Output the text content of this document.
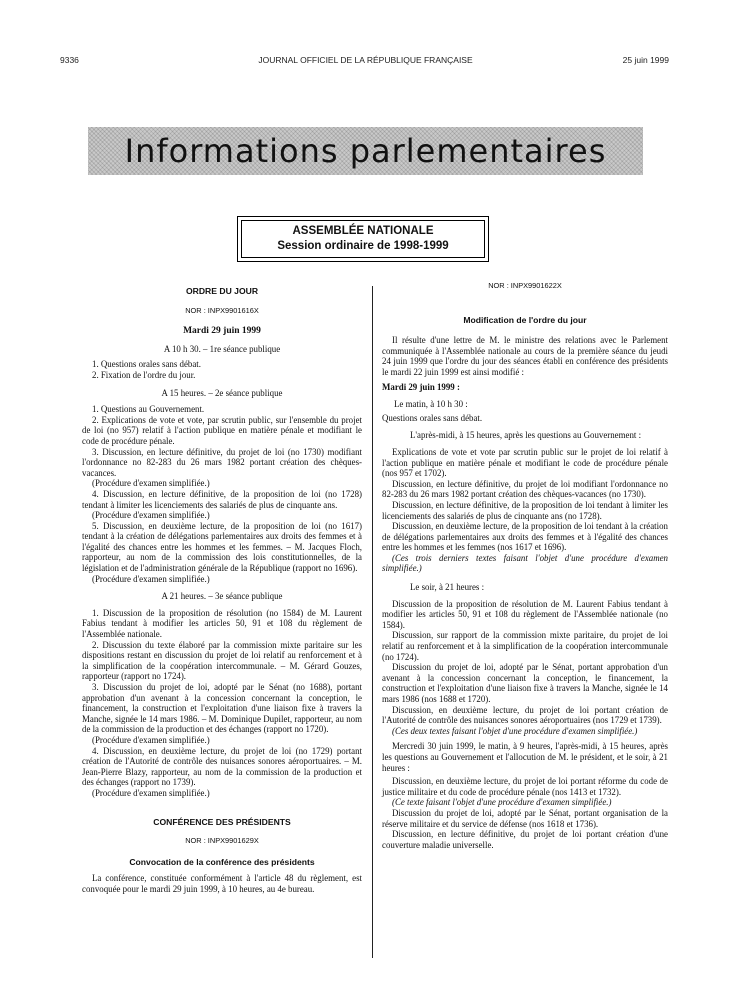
9336	JOURNAL OFFICIEL DE LA RÉPUBLIQUE FRANÇAISE	25 juin 1999
Informations parlementaires
ASSEMBLÉE NATIONALE
Session ordinaire de 1998-1999

ORDRE DU JOUR

NOR : INPX9901616X

Mardi 29 juin 1999

A 10 h 30. – 1re séance publique

1. Questions orales sans débat.

2. Fixation de l'ordre du jour.

A 15 heures. – 2e séance publique

1. Questions au Gouvernement.

2. Explications de vote et vote, par scrutin public, sur l'ensemble du projet de loi (no 957) relatif à l'action publique en matière pénale et modifiant le code de procédure pénale.

3. Discussion, en lecture définitive, du projet de loi (no 1730) modifiant l'ordonnance no 82-283 du 26 mars 1982 portant création des chèques-vacances.

(Procédure d'examen simplifiée.)

4. Discussion, en lecture définitive, de la proposition de loi (no 1728) tendant à limiter les licenciements des salariés de plus de cinquante ans.

(Procédure d'examen simplifiée.)

5. Discussion, en deuxième lecture, de la proposition de loi (no 1617) tendant à la création de délégations parlementaires aux droits des femmes et à l'égalité des chances entre les hommes et les femmes. – M. Jacques Floch, rapporteur, au nom de la commission des lois constitutionnelles, de la législation et de l'administration générale de la République (rapport no 1696).

(Procédure d'examen simplifiée.)

A 21 heures. – 3e séance publique

1. Discussion de la proposition de résolution (no 1584) de M. Laurent Fabius tendant à modifier les articles 50, 91 et 108 du règlement de l'Assemblée nationale.

2. Discussion du texte élaboré par la commission mixte paritaire sur les dispositions restant en discussion du projet de loi relatif au renforcement et à la simplification de la coopération intercommunale. – M. Gérard Gouzes, rapporteur (rapport no 1724).

3. Discussion du projet de loi, adopté par le Sénat (no 1688), portant approbation d'un avenant à la concession concernant la conception, le financement, la construction et l'exploitation d'une liaison fixe à travers la Manche, signée le 14 mars 1986. – M. Dominique Dupilet, rapporteur, au nom de la commission de la production et des échanges (rapport no 1720).

(Procédure d'examen simplifiée.)

4. Discussion, en deuxième lecture, du projet de loi (no 1729) portant création de l'Autorité de contrôle des nuisances sonores aéroportuaires. – M. Jean-Pierre Blazy, rapporteur, au nom de la commission de la production et des échanges (rapport no 1739).

(Procédure d'examen simplifiée.)

CONFÉRENCE DES PRÉSIDENTS

NOR : INPX9901629X

Convocation de la conférence des présidents

La conférence, constituée conformément à l'article 48 du règlement, est convoquée pour le mardi 29 juin 1999, à 10 heures, au 4e bureau.

NOR : INPX9901622X

Modification de l'ordre du jour

Il résulte d'une lettre de M. le ministre des relations avec le Parlement communiquée à l'Assemblée nationale au cours de la première séance du jeudi 24 juin 1999 que l'ordre du jour des séances établi en conférence des présidents le mardi 22 juin 1999 est ainsi modifié :

Mardi 29 juin 1999 :

Le matin, à 10 h 30 :

Questions orales sans débat.

L'après-midi, à 15 heures, après les questions au Gouvernement :

Explications de vote et vote par scrutin public sur le projet de loi relatif à l'action publique en matière pénale et modifiant le code de procédure pénale (nos 957 et 1702).

Discussion, en lecture définitive, du projet de loi modifiant l'ordonnance no 82-283 du 26 mars 1982 portant création des chèques-vacances (no 1730).

Discussion, en lecture définitive, de la proposition de loi tendant à limiter les licenciements des salariés de plus de cinquante ans (no 1728).

Discussion, en deuxième lecture, de la proposition de loi tendant à la création de délégations parlementaires aux droits des femmes et à l'égalité des chances entre les hommes et les femmes (nos 1617 et 1696).

(Ces trois derniers textes faisant l'objet d'une procédure d'examen simplifiée.)

Le soir, à 21 heures :

Discussion de la proposition de résolution de M. Laurent Fabius tendant à modifier les articles 50, 91 et 108 du règlement de l'Assemblée nationale (no 1584).

Discussion, sur rapport de la commission mixte paritaire, du projet de loi relatif au renforcement et à la simplification de la coopération intercommunale (no 1724).

Discussion du projet de loi, adopté par le Sénat, portant approbation d'un avenant à la concession concernant la conception, le financement, la construction et l'exploitation d'une liaison fixe à travers la Manche, signée le 14 mars 1986 (nos 1688 et 1720).

Discussion, en deuxième lecture, du projet de loi portant création de l'Autorité de contrôle des nuisances sonores aéroportuaires (nos 1729 et 1739).

(Ces deux textes faisant l'objet d'une procédure d'examen simplifiée.)

Mercredi 30 juin 1999, le matin, à 9 heures, l'après-midi, à 15 heures, après les questions au Gouvernement et l'allocution de M. le président, et le soir, à 21 heures :

Discussion, en deuxième lecture, du projet de loi portant réforme du code de justice militaire et du code de procédure pénale (nos 1413 et 1732).

(Ce texte faisant l'objet d'une procédure d'examen simplifiée.)

Discussion du projet de loi, adopté par le Sénat, portant organisation de la réserve militaire et du service de défense (nos 1618 et 1736).

Discussion, en lecture définitive, du projet de loi portant création d'une couverture maladie universelle.
